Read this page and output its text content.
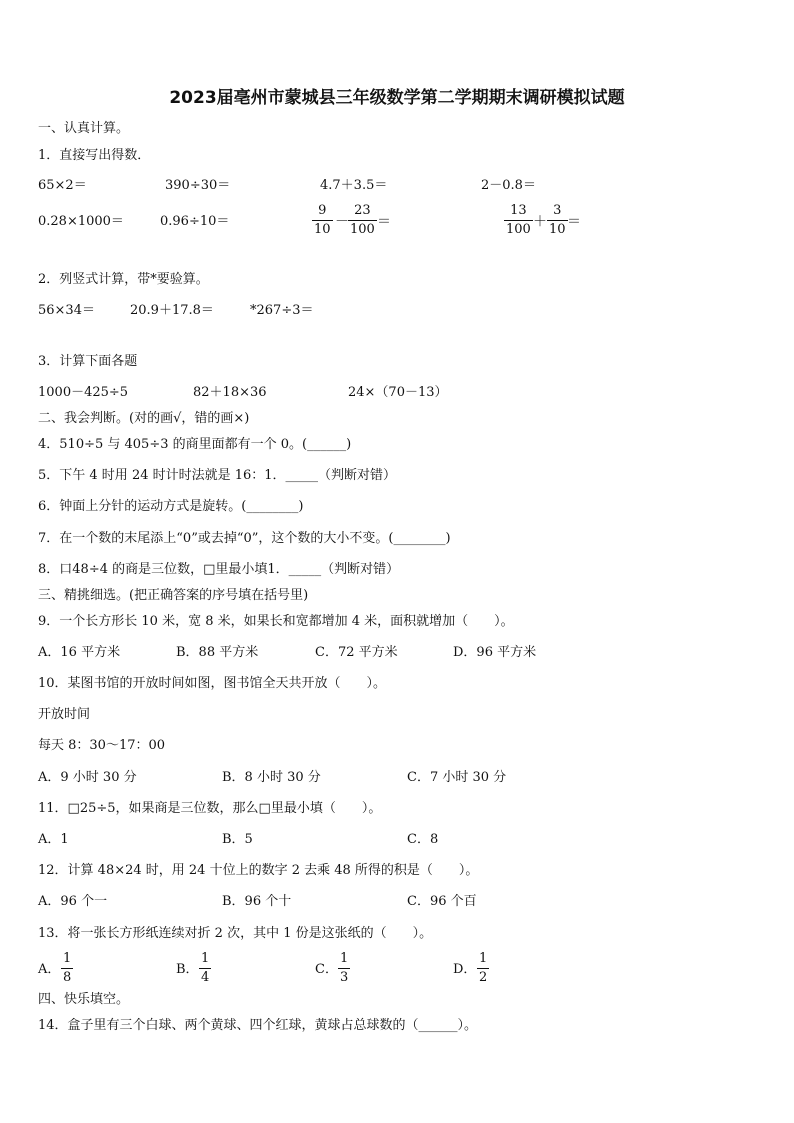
2023届亳州市蒙城县三年级数学第二学期期末调研模拟试题
一、认真计算。
1．直接写出得数．
65×2＝	390÷30＝	4.7＋3.5＝	2－0.8＝
0.28×1000＝	0.96÷10＝
9
10 －
23
100 ＝
13
100 ＋
3
10 ＝
2．列竖式计算，带*要验算。
56×34＝	20.9＋17.8＝	*267÷3＝
3．计算下面各题
1000－425÷5	82＋18×36	24×（70－13）
二、我会判断。(对的画√，错的画×)
4．510÷5 与 405÷3 的商里面都有一个 0。(______)
5．下午 4 时用 24 时计时法就是 16：1．_____（判断对错）
6．钟面上分针的运动方式是旋转。(________)
7．在一个数的末尾添上“0”或去掉“0”，这个数的大小不变。(________)
8．口48÷4 的商是三位数，□里最小填1．_____（判断对错）
三、精挑细选。(把正确答案的序号填在括号里)
9．一个长方形长 10 米，宽 8 米，如果长和宽都增加 4 米，面积就增加（　　）。
A．16 平方米	B．88 平方米	C．72 平方米	D．96 平方米
10．某图书馆的开放时间如图，图书馆全天共开放（　　）。
开放时间
每天 8：30～17：00
A．9 小时 30 分	B．8 小时 30 分	C．7 小时 30 分
11．□25÷5，如果商是三位数，那么□里最小填（　　）。
A．1	B．5	C．8
12．计算 48×24 时，用 24 十位上的数字 2 去乘 48 所得的积是（　　）。
A．96 个一	B．96 个十	C．96 个百
13．将一张长方形纸连续对折 2 次，其中 1 份是这张纸的（　　）。
A．
1
8
B．
1
4
C．
1
3
D．
1
2
四、快乐填空。
14．盒子里有三个白球、两个黄球、四个红球，黄球占总球数的（______）。
